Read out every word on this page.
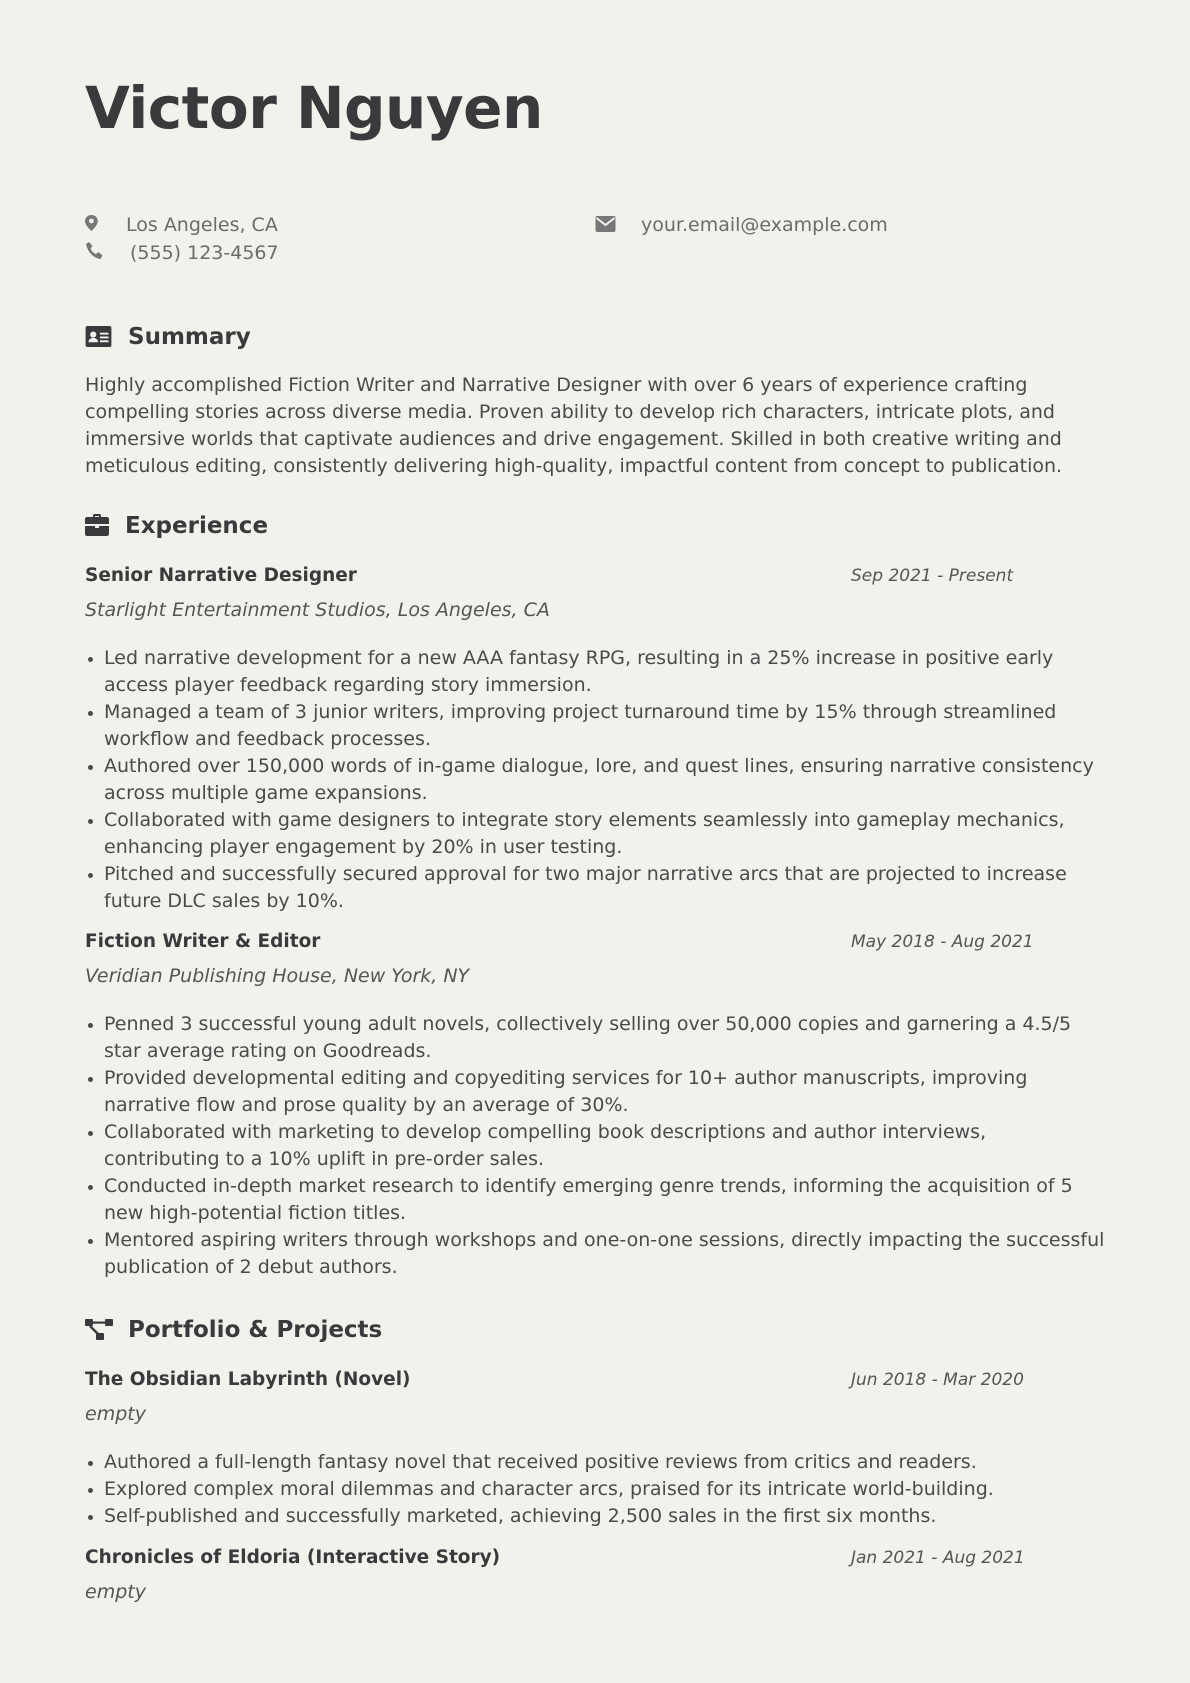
Victor Nguyen
Los Angeles, CA
(555) 123-4567
your.email@example.com
Summary

Highly accomplished Fiction Writer and Narrative Designer with over 6 years of experience crafting compelling stories across diverse media. Proven ability to develop rich characters, intricate plots, and immersive worlds that captivate audiences and drive engagement. Skilled in both creative writing and meticulous editing, consistently delivering high-quality, impactful content from concept to publication.

Experience
Senior Narrative Designer	Sep 2021 - Present
Starlight Entertainment Studios, Los Angeles, CA
Led narrative development for a new AAA fantasy RPG, resulting in a 25% increase in positive early access player feedback regarding story immersion.
Managed a team of 3 junior writers, improving project turnaround time by 15% through streamlined workflow and feedback processes.
Authored over 150,000 words of in-game dialogue, lore, and quest lines, ensuring narrative consistency across multiple game expansions.
Collaborated with game designers to integrate story elements seamlessly into gameplay mechanics, enhancing player engagement by 20% in user testing.
Pitched and successfully secured approval for two major narrative arcs that are projected to increase future DLC sales by 10%.
Fiction Writer & Editor	May 2018 - Aug 2021
Veridian Publishing House, New York, NY
Penned 3 successful young adult novels, collectively selling over 50,000 copies and garnering a 4.5/5 star average rating on Goodreads.
Provided developmental editing and copyediting services for 10+ author manuscripts, improving narrative flow and prose quality by an average of 30%.
Collaborated with marketing to develop compelling book descriptions and author interviews, contributing to a 10% uplift in pre-order sales.
Conducted in-depth market research to identify emerging genre trends, informing the acquisition of 5 new high-potential fiction titles.
Mentored aspiring writers through workshops and one-on-one sessions, directly impacting the successful publication of 2 debut authors.
Portfolio & Projects
The Obsidian Labyrinth (Novel)	Jun 2018 - Mar 2020
empty
Authored a full-length fantasy novel that received positive reviews from critics and readers.
Explored complex moral dilemmas and character arcs, praised for its intricate world-building.
Self-published and successfully marketed, achieving 2,500 sales in the first six months.
Chronicles of Eldoria (Interactive Story)	Jan 2021 - Aug 2021
empty
